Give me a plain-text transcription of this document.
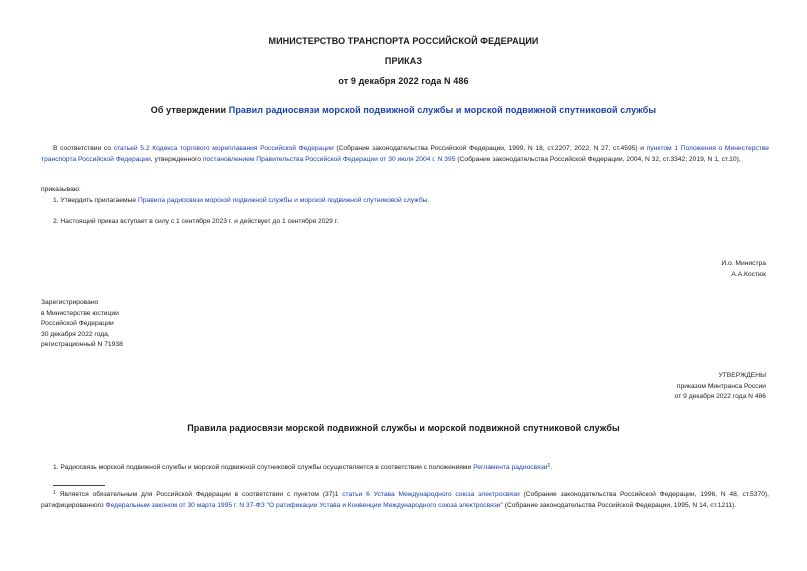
МИНИСТЕРСТВО ТРАНСПОРТА РОССИЙСКОЙ ФЕДЕРАЦИИ
ПРИКАЗ
от 9 декабря 2022 года N 486
Об утверждении Правил радиосвязи морской подвижной службы и морской подвижной спутниковой службы
В соответствии со статьей 5.2 Кодекса торгового мореплавания Российской Федерации (Собрание законодательства Российской Федерации, 1999, N 18, ст.2207; 2022, N 27, ст.4595) и пунктом 1 Положения о Министерстве транспорта Российской Федерации, утвержденного постановлением Правительства Российской Федерации от 30 июля 2004 г. N 395 (Собрание законодательства Российской Федерации, 2004, N 32, ст.3342; 2019, N 1, ст.10),
приказываю:
1. Утвердить прилагаемые Правила радиосвязи морской подвижной службы и морской подвижной спутниковой службы.
2. Настоящий приказ вступает в силу с 1 сентября 2023 г. и действует до 1 сентября 2029 г.
И.о. Министра
А.А.Костюк
Зарегистрировано
в Министерстве юстиции
Российской Федерации
30 декабря 2022 года,
регистрационный N 71938
УТВЕРЖДЕНЫ
приказом Минтранса России
от 9 декабря 2022 года N 486
Правила радиосвязи морской подвижной службы и морской подвижной спутниковой службы
1. Радиосвязь морской подвижной службы и морской подвижной спутниковой службы осуществляется в соответствии с положениями Регламента радиосвязи$^1$.
$^1$ Является обязательным для Российской Федерации в соответствии с пунктом (37)1 статьи 6 Устава Международного союза электросвязи (Собрание законодательства Российской Федерации, 1996, N 48, ст.5370), ратифицированного Федеральным законом от 30 марта 1995 г. N 37-ФЗ "О ратификации Устава и Конвенции Международного союза электросвязи" (Собрание законодательства Российской Федерации, 1995, N 14, ст.1211).
